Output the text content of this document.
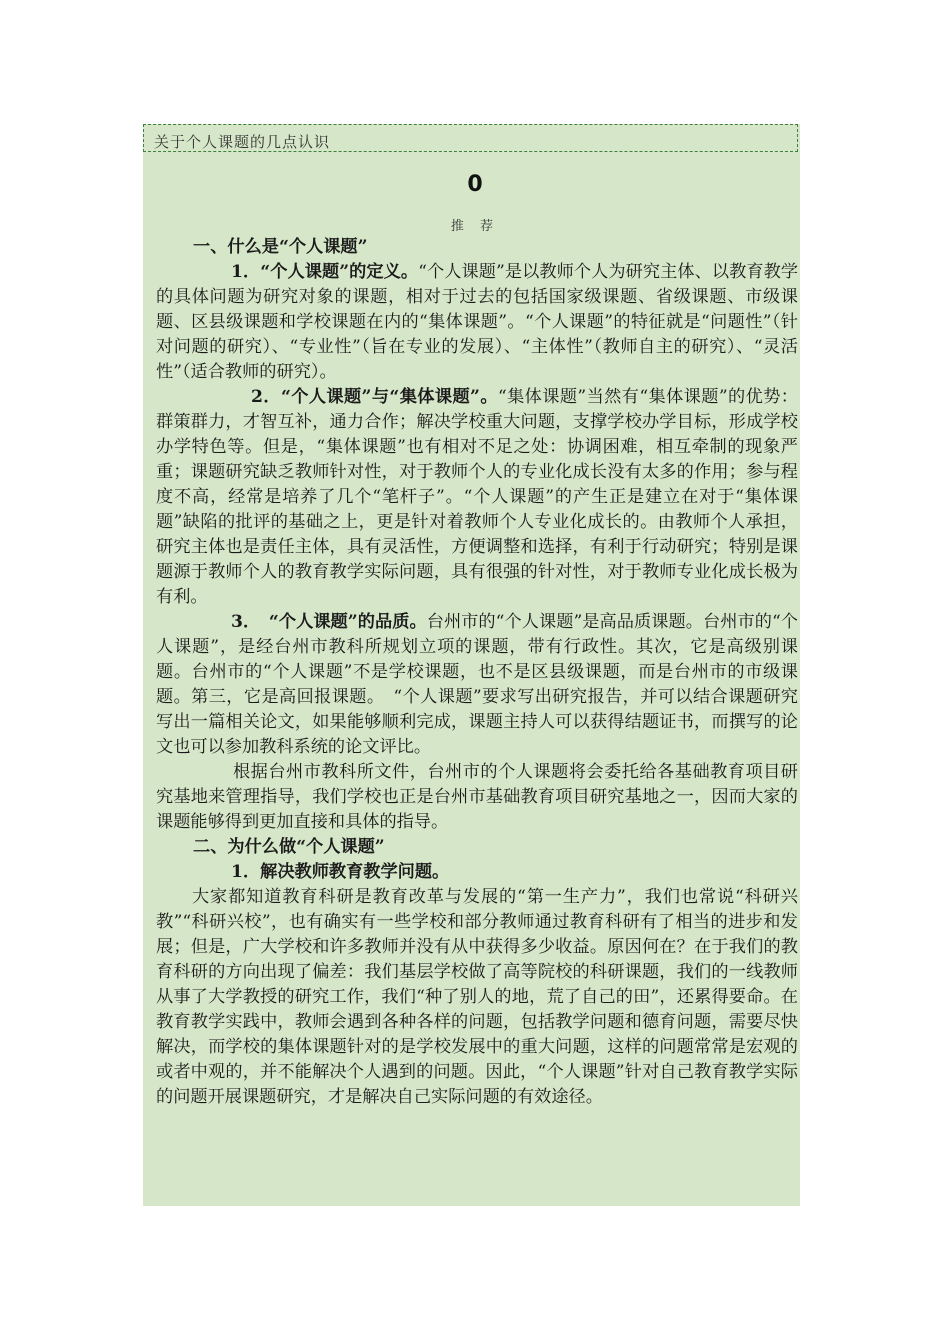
关于个人课题的几点认识
0
推 荐

一、什么是“个人课题”

1．“个人课题”的定义。“个人课题”是以教师个人为研究主体、以教育教学的具体问题为研究对象的课题，相对于过去的包括国家级课题、省级课题、市级课题、区县级课题和学校课题在内的“集体课题”。“个人课题”的特征就是“问题性”（针对问题的研究）、“专业性”（旨在专业的发展）、“主体性”（教师自主的研究）、“灵活性”（适合教师的研究）。

2．“个人课题”与“集体课题”。“集体课题”当然有“集体课题”的优势：群策群力，才智互补，通力合作；解决学校重大问题，支撑学校办学目标，形成学校办学特色等。但是，“集体课题”也有相对不足之处：协调困难，相互牵制的现象严重；课题研究缺乏教师针对性，对于教师个人的专业化成长没有太多的作用；参与程度不高，经常是培养了几个“笔杆子”。“个人课题”的产生正是建立在对于“集体课题”缺陷的批评的基础之上，更是针对着教师个人专业化成长的。由教师个人承担，研究主体也是责任主体，具有灵活性，方便调整和选择，有利于行动研究；特别是课题源于教师个人的教育教学实际问题，具有很强的针对性，对于教师专业化成长极为有利。

3．　“个人课题”的品质。台州市的“个人课题”是高品质课题。台州市的“个人课题”，是经台州市教科所规划立项的课题，带有行政性。其次，它是高级别课题。台州市的“个人课题”不是学校课题，也不是区县级课题，而是台州市的市级课题。第三，它是高回报课题。　“个人课题”要求写出研究报告，并可以结合课题研究写出一篇相关论文，如果能够顺利完成，课题主持人可以获得结题证书，而撰写的论文也可以参加教科系统的论文评比。

根据台州市教科所文件，台州市的个人课题将会委托给各基础教育项目研究基地来管理指导，我们学校也正是台州市基础教育项目研究基地之一，因而大家的课题能够得到更加直接和具体的指导。

二、为什么做“个人课题”

1．解决教师教育教学问题。

大家都知道教育科研是教育改革与发展的“第一生产力”，我们也常说“科研兴教”“科研兴校”，也有确实有一些学校和部分教师通过教育科研有了相当的进步和发展；但是，广大学校和许多教师并没有从中获得多少收益。原因何在？在于我们的教育科研的方向出现了偏差：我们基层学校做了高等院校的科研课题，我们的一线教师从事了大学教授的研究工作，我们“种了别人的地，荒了自己的田”，还累得要命。在教育教学实践中，教师会遇到各种各样的问题，包括教学问题和德育问题，需要尽快解决，而学校的集体课题针对的是学校发展中的重大问题，这样的问题常常是宏观的或者中观的，并不能解决个人遇到的问题。因此，“个人课题”针对自己教育教学实际的问题开展课题研究，才是解决自己实际问题的有效途径。
